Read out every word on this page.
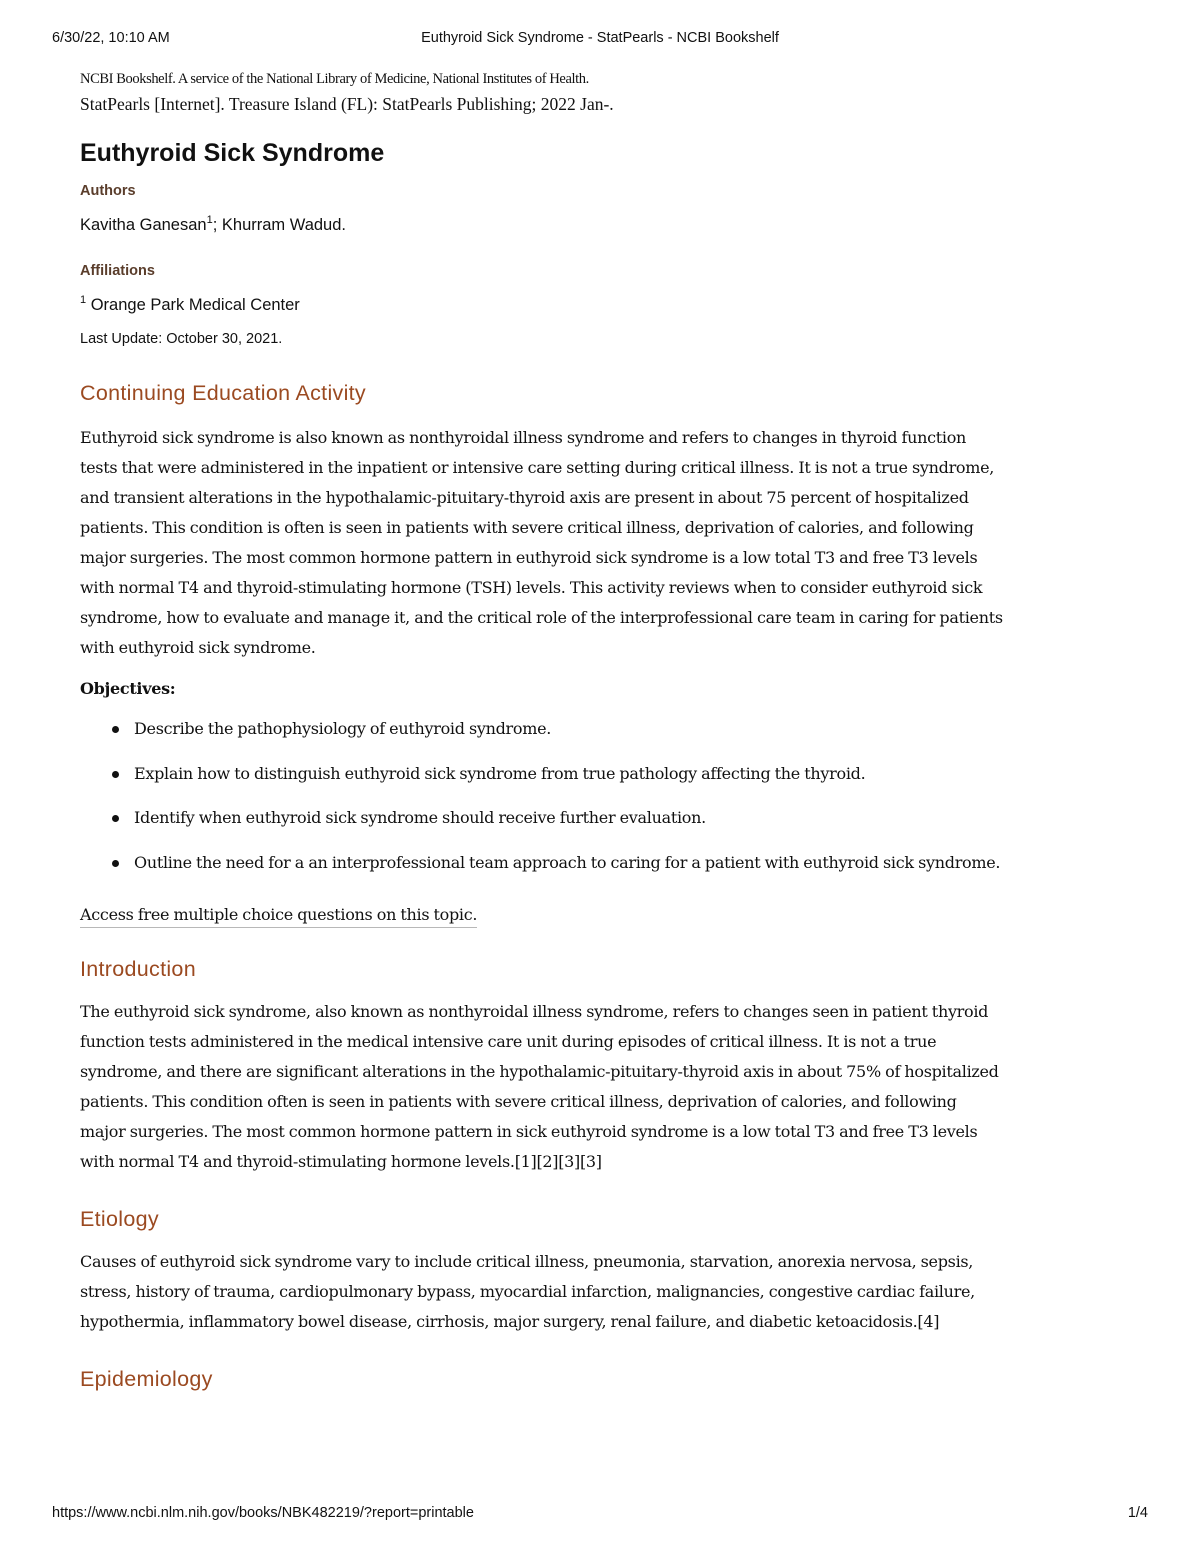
6/30/22, 10:10 AM	Euthyroid Sick Syndrome - StatPearls - NCBI Bookshelf

NCBI Bookshelf. A service of the National Library of Medicine, National Institutes of Health.

StatPearls [Internet]. Treasure Island (FL): StatPearls Publishing; 2022 Jan-.

Euthyroid Sick Syndrome

Authors

Kavitha Ganesan$^1$; Khurram Wadud.

Affiliations

$^1$ Orange Park Medical Center

Last Update: October 30, 2021.

Continuing Education Activity

Euthyroid sick syndrome is also known as nonthyroidal illness syndrome and refers to changes in thyroid function
tests that were administered in the inpatient or intensive care setting during critical illness. It is not a true syndrome,
and transient alterations in the hypothalamic-pituitary-thyroid axis are present in about 75 percent of hospitalized
patients. This condition is often is seen in patients with severe critical illness, deprivation of calories, and following
major surgeries. The most common hormone pattern in euthyroid sick syndrome is a low total T3 and free T3 levels
with normal T4 and thyroid-stimulating hormone (TSH) levels. This activity reviews when to consider euthyroid sick
syndrome, how to evaluate and manage it, and the critical role of the interprofessional care team in caring for patients
with euthyroid sick syndrome.

Objectives:

Describe the pathophysiology of euthyroid syndrome.
Explain how to distinguish euthyroid sick syndrome from true pathology affecting the thyroid.
Identify when euthyroid sick syndrome should receive further evaluation.
Outline the need for a an interprofessional team approach to caring for a patient with euthyroid sick syndrome.
Access free multiple choice questions on this topic.
Introduction

The euthyroid sick syndrome, also known as nonthyroidal illness syndrome, refers to changes seen in patient thyroid
function tests administered in the medical intensive care unit during episodes of critical illness. It is not a true
syndrome, and there are significant alterations in the hypothalamic-pituitary-thyroid axis in about 75% of hospitalized
patients. This condition often is seen in patients with severe critical illness, deprivation of calories, and following
major surgeries. The most common hormone pattern in sick euthyroid syndrome is a low total T3 and free T3 levels
with normal T4 and thyroid-stimulating hormone levels.[1][2][3][3]

Etiology

Causes of euthyroid sick syndrome vary to include critical illness, pneumonia, starvation, anorexia nervosa, sepsis,
stress, history of trauma, cardiopulmonary bypass, myocardial infarction, malignancies, congestive cardiac failure,
hypothermia, inflammatory bowel disease, cirrhosis, major surgery, renal failure, and diabetic ketoacidosis.[4]

Epidemiology
https://www.ncbi.nlm.nih.gov/books/NBK482219/?report=printable	1/4
